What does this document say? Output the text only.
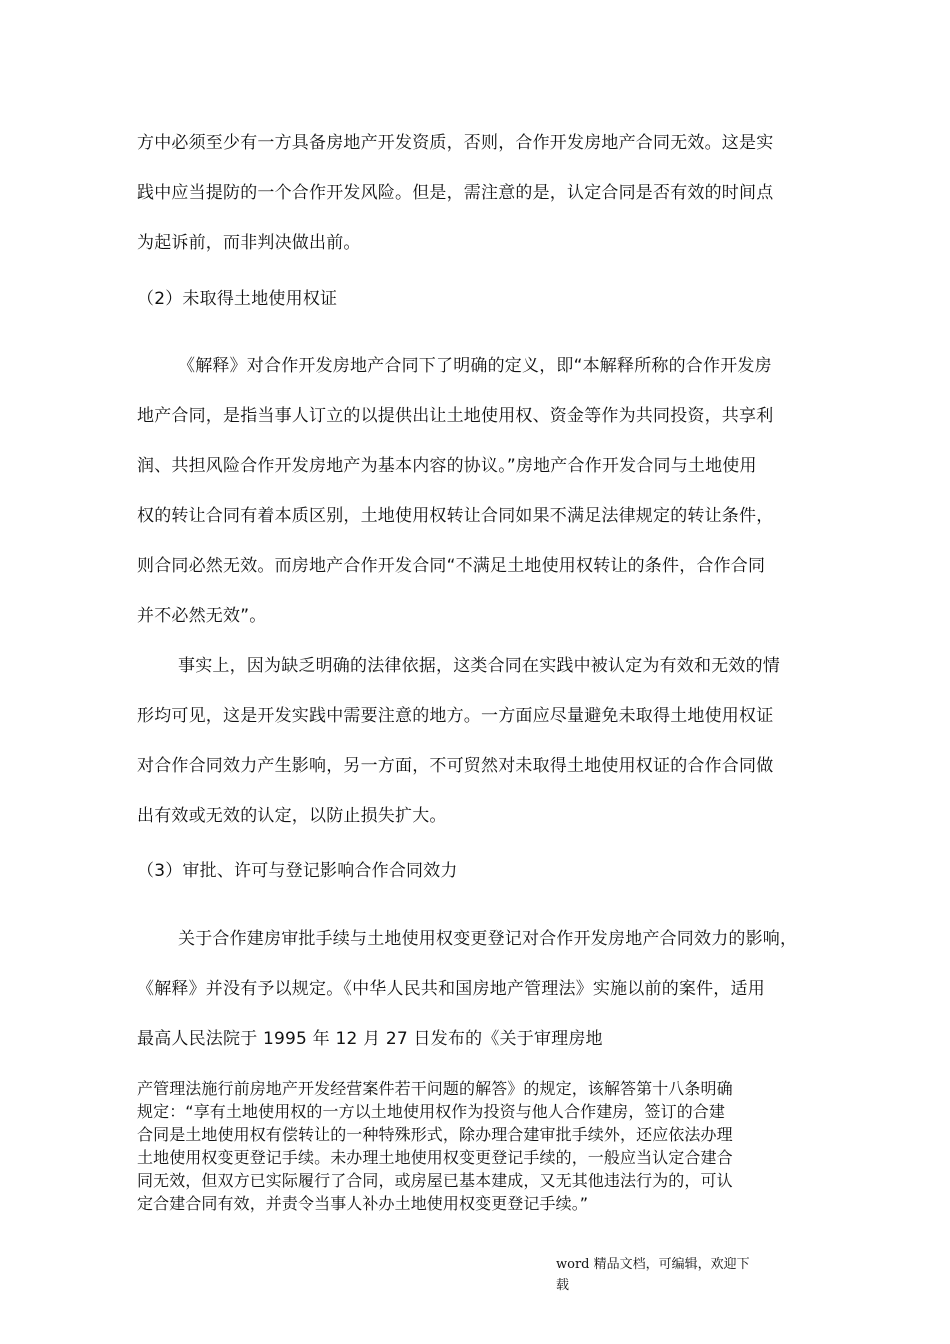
方中必须至少有一方具备房地产开发资质，否则，合作开发房地产合同无效。这是实
践中应当提防的一个合作开发风险。但是，需注意的是，认定合同是否有效的时间点
为起诉前，而非判决做出前。
（2）未取得土地使用权证
《解释》对合作开发房地产合同下了明确的定义，即“本解释所称的合作开发房
地产合同，是指当事人订立的以提供出让土地使用权、资金等作为共同投资，共享利
润、共担风险合作开发房地产为基本内容的协议。”房地产合作开发合同与土地使用
权的转让合同有着本质区别，土地使用权转让合同如果不满足法律规定的转让条件，
则合同必然无效。而房地产合作开发合同“不满足土地使用权转让的条件，合作合同
并不必然无效”。
事实上，因为缺乏明确的法律依据，这类合同在实践中被认定为有效和无效的情
形均可见，这是开发实践中需要注意的地方。一方面应尽量避免未取得土地使用权证
对合作合同效力产生影响，另一方面，不可贸然对未取得土地使用权证的合作合同做
出有效或无效的认定，以防止损失扩大。
（3）审批、许可与登记影响合作合同效力
关于合作建房审批手续与土地使用权变更登记对合作开发房地产合同效力的影响，
《解释》并没有予以规定。《中华人民共和国房地产管理法》实施以前的案件，适用
最高人民法院于 1995 年 12 月 27 日发布的《关于审理房地
产管理法施行前房地产开发经营案件若干问题的解答》的规定，该解答第十八条明确
规定：“享有土地使用权的一方以土地使用权作为投资与他人合作建房，签订的合建
合同是土地使用权有偿转让的一种特殊形式，除办理合建审批手续外，还应依法办理
土地使用权变更登记手续。未办理土地使用权变更登记手续的，一般应当认定合建合
同无效，但双方已实际履行了合同，或房屋已基本建成，又无其他违法行为的，可认
定合建合同有效，并责令当事人补办土地使用权变更登记手续。”
word 精品文档，可编辑，欢迎下
载
